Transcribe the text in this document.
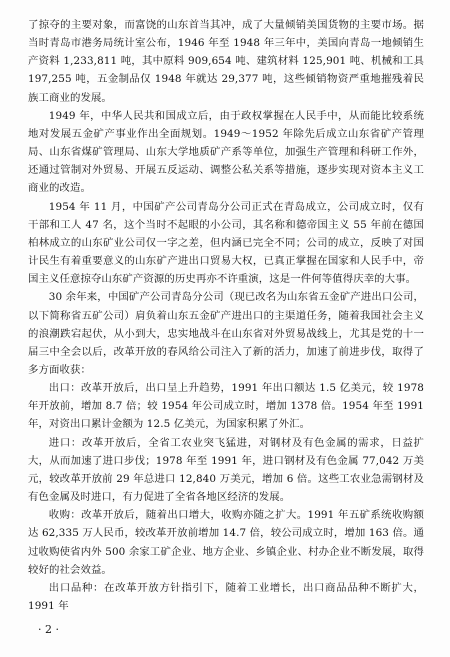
了掠夺的主要对象，而富饶的山东首当其冲，成了大量倾销美国货物的主要市场。据当时青岛市港务局统计室公布，1946 年至 1948 年三年中，美国向青岛一地倾销生产资料 1,233,811 吨，其中原料 909,654 吨、建筑材料 125,901 吨、机械和工具 197,255 吨，五金制品仅 1948 年就达 29,377 吨，这些倾销物资严重地摧残着民族工商业的发展。

1949 年，中华人民共和国成立后，由于政权掌握在人民手中，从而能比较系统地对发展五金矿产事业作出全面规划。1949～1952 年除先后成立山东省矿产管理局、山东省煤矿管理局、山东大学地质矿产系等单位，加强生产管理和科研工作外，还通过管制对外贸易、开展五反运动、调整公私关系等措施，逐步实现对资本主义工商业的改造。

1954 年 11 月，中国矿产公司青岛分公司正式在青岛成立，公司成立时，仅有干部和工人 47 名，这个当时不起眼的小公司，其名称和德帝国主义 55 年前在德国柏林成立的山东矿业公司仅一字之差，但内涵已完全不同；公司的成立，反映了对国计民生有着重要意义的山东矿产进出口贸易大权，已真正掌握在国家和人民手中，帝国主义任意掠夺山东矿产资源的历史再亦不许重演，这是一件何等值得庆幸的大事。

30 余年来，中国矿产公司青岛分公司（现已改名为山东省五金矿产进出口公司，以下简称省五矿公司）肩负着山东五金矿产进出口的主渠道任务，随着我国社会主义的浪潮跌宕起伏，从小到大，忠实地战斗在山东省对外贸易战线上，尤其是党的十一届三中全会以后，改革开放的春风给公司注入了新的活力，加速了前进步伐，取得了多方面收获：

出口：改革开放后，出口呈上升趋势，1991 年出口额达 1.5 亿美元，较 1978 年开放前，增加 8.7 倍；较 1954 年公司成立时，增加 1378 倍。1954 年至 1991 年，对资出口累计金额为 12.5 亿美元，为国家积累了外汇。

进口：改革开放后，全省工农业突飞猛进，对钢材及有色金属的需求，日益扩大，从而加速了进口步伐；1978 年至 1991 年，进口钢材及有色金属 77,042 万美元，较改革开放前 29 年总进口 12,840 万美元，增加 6 倍。这些工农业急需钢材及有色金属及时进口，有力促进了全省各地区经济的发展。

收购：改革开放后，随着出口增大，收购亦随之扩大。1991 年五矿系统收购额达 62,335 万人民币，较改革开放前增加 14.7 倍，较公司成立时，增加 163 倍。通过收购使省内外 500 余家工矿企业、地方企业、乡镇企业、村办企业不断发展，取得较好的社会效益。

出口品种：在改革开放方针指引下，随着工业增长，出口商品品种不断扩大，1991 年

· 2 ·
